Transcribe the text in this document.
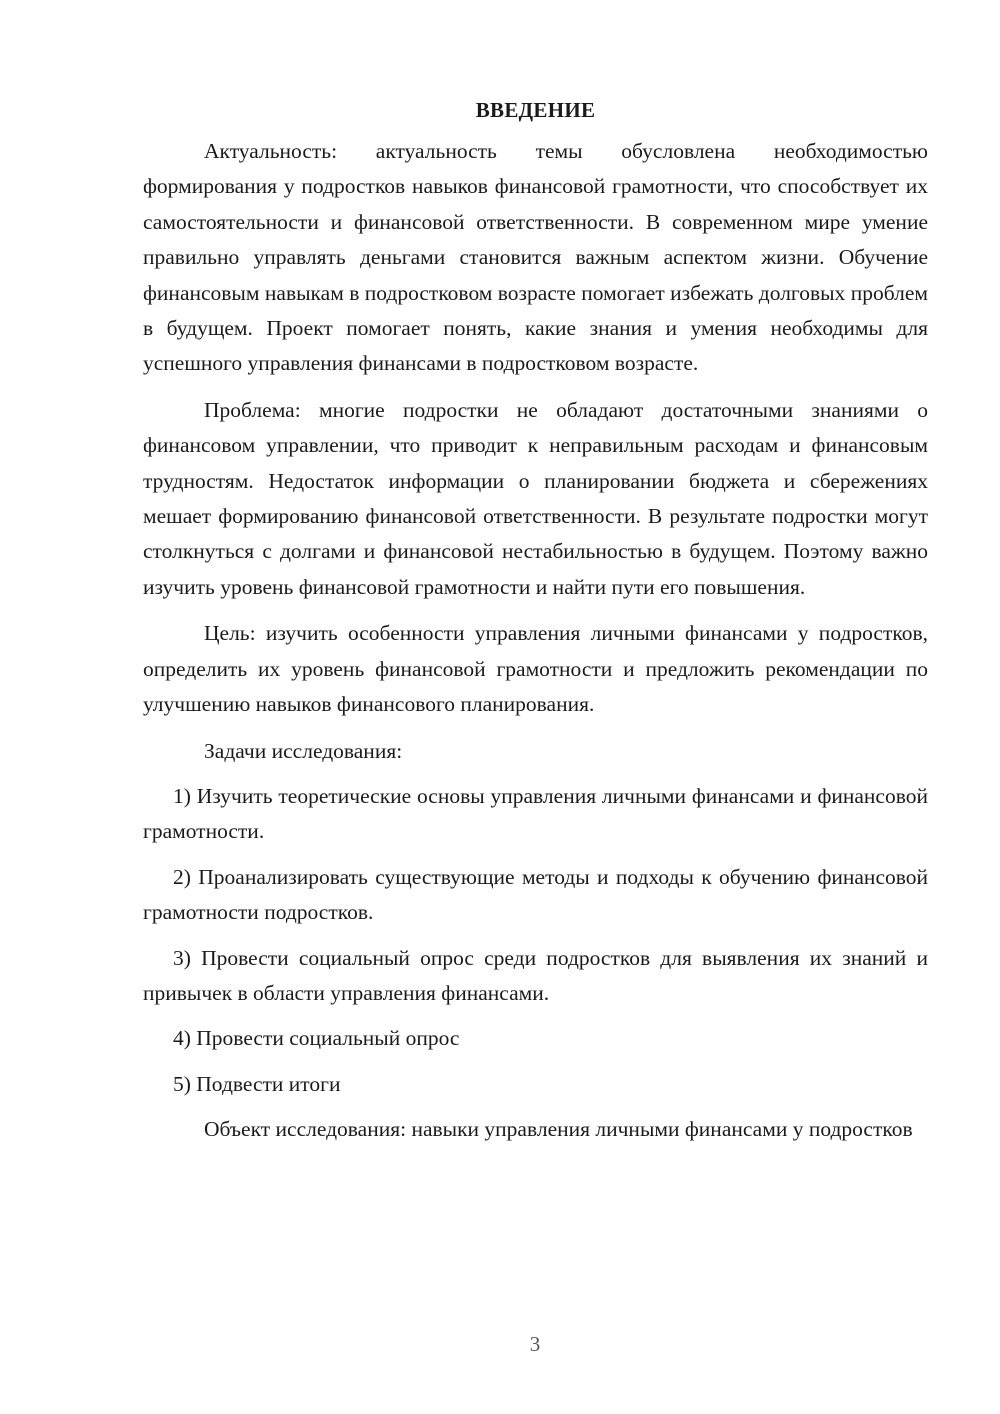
ВВЕДЕНИЕ

Актуальность: актуальность темы обусловлена необходимостью формирования у подростков навыков финансовой грамотности, что способствует их самостоятельности и финансовой ответственности. В современном мире умение правильно управлять деньгами становится важным аспектом жизни. Обучение финансовым навыкам в подростковом возрасте помогает избежать долговых проблем в будущем. Проект помогает понять, какие знания и умения необходимы для успешного управления финансами в подростковом возрасте.

Проблема: многие подростки не обладают достаточными знаниями о финансовом управлении, что приводит к неправильным расходам и финансовым трудностям. Недостаток информации о планировании бюджета и сбережениях мешает формированию финансовой ответственности. В результате подростки могут столкнуться с долгами и финансовой нестабильностью в будущем. Поэтому важно изучить уровень финансовой грамотности и найти пути его повышения.

Цель: изучить особенности управления личными финансами у подростков, определить их уровень финансовой грамотности и предложить рекомендации по улучшению навыков финансового планирования.

Задачи исследования:

1) Изучить теоретические основы управления личными финансами и финансовой грамотности.

2) Проанализировать существующие методы и подходы к обучению финансовой грамотности подростков.

3) Провести социальный опрос среди подростков для выявления их знаний и привычек в области управления финансами.

4) Провести социальный опрос

5) Подвести итоги

Объект исследования: навыки управления личными финансами у подростков

3
